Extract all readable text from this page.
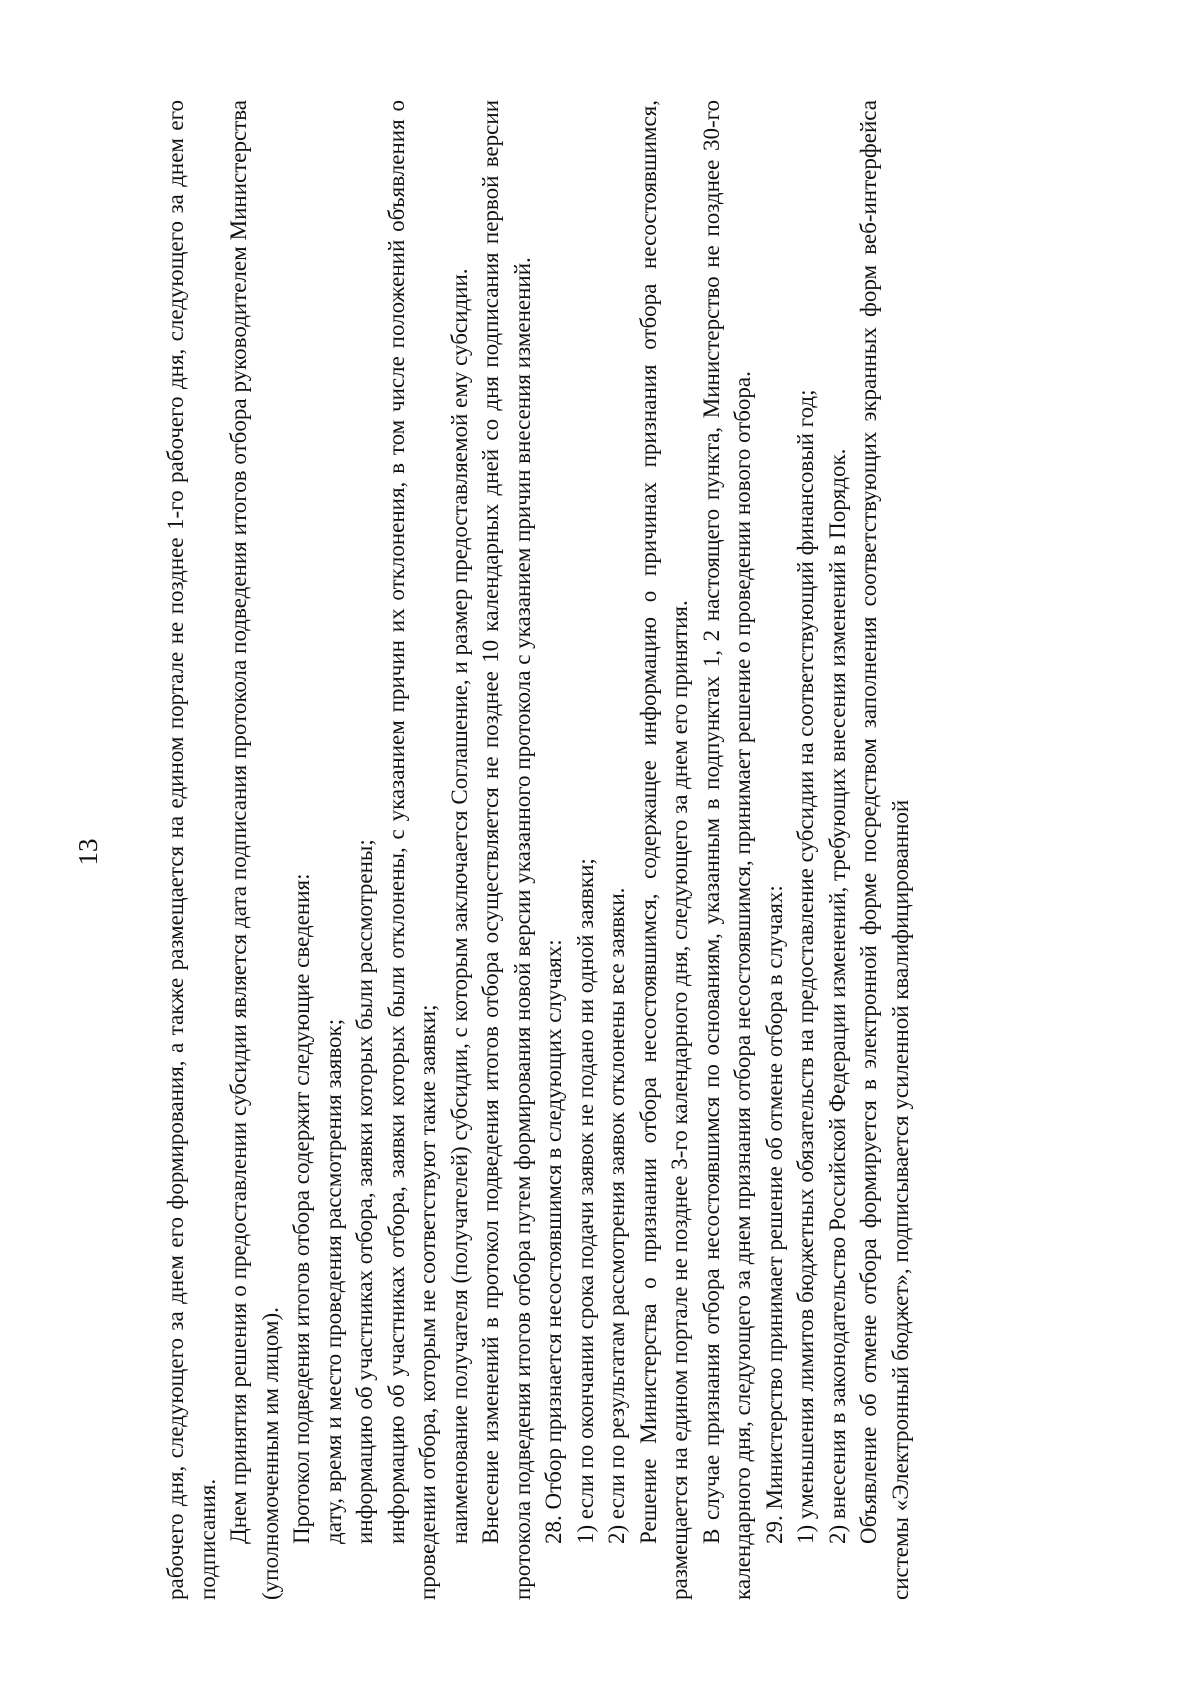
13	рабочего дня, следующего за днем его формирования, а также размещается на едином портале не позднее 1-го рабочего дня, следующего за днем его подписания. Днем принятия решения о предоставлении субсидии является дата подписания протокола подведения итогов отбора руководителем Министерства (уполномоченным им лицом). Протокол подведения итогов отбора содержит следующие сведения: дату, время и место проведения рассмотрения заявок; информацию об участниках отбора, заявки которых были рассмотрены; информацию об участниках отбора, заявки которых были отклонены, с указанием причин их отклонения, в том числе положений объявления о проведении отбора, которым не соответствуют такие заявки; наименование получателя (получателей) субсидии, с которым заключается Соглашение, и размер предоставляемой ему субсидии. Внесение изменений в протокол подведения итогов отбора осуществляется не позднее 10 календарных дней со дня подписания первой версии протокола подведения итогов отбора путем формирования новой версии указанного протокола с указанием причин внесения изменений. 28. Отбор признается несостоявшимся в следующих случаях: 1) если по окончании срока подачи заявок не подано ни одной заявки; 2) если по результатам рассмотрения заявок отклонены все заявки. Решение Министерства о признании отбора несостоявшимся, содержащее информацию о причинах признания отбора несостоявшимся, размещается на едином портале не позднее 3-го календарного дня, следующего за днем его принятия. В случае признания отбора несостоявшимся по основаниям, указанным в подпунктах 1, 2 настоящего пункта, Министерство не позднее 30-го календарного дня, следующего за днем признания отбора несостоявшимся, принимает решение о проведении нового отбора. 29. Министерство принимает решение об отмене отбора в случаях: 1) уменьшения лимитов бюджетных обязательств на предоставление субсидии на соответствующий финансовый год; 2) внесения в законодательство Российской Федерации изменений, требующих внесения изменений в Порядок. Объявление об отмене отбора формируется в электронной форме посредством заполнения соответствующих экранных форм веб-интерфейса системы «Электронный бюджет», подписывается усиленной квалифицированной
